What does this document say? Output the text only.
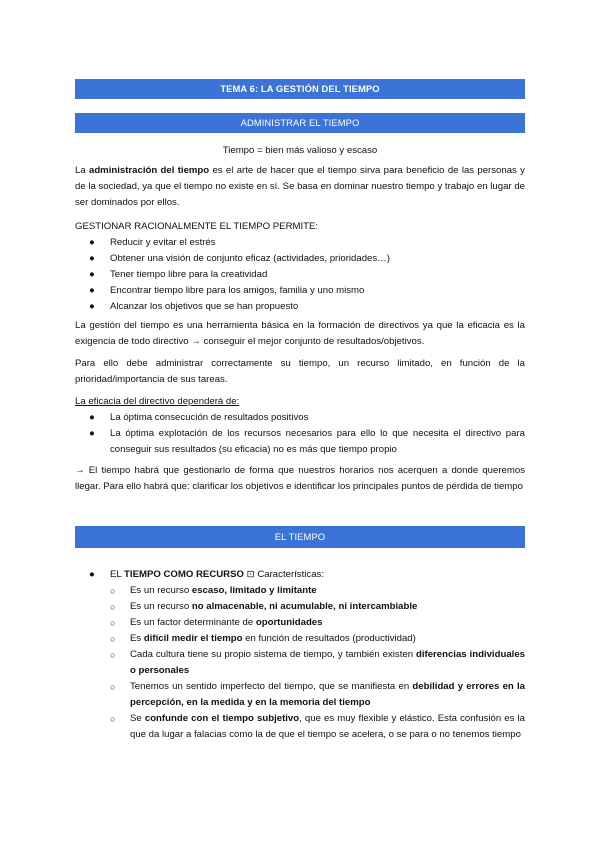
TEMA 6: LA GESTIÓN DEL TIEMPO
ADMINISTRAR EL TIEMPO
Tiempo = bien más valioso y escaso
La administración del tiempo es el arte de hacer que el tiempo sirva para beneficio de las personas y de la sociedad, ya que el tiempo no existe en sí. Se basa en dominar nuestro tiempo y trabajo en lugar de ser dominados por ellos.
GESTIONAR RACIONALMENTE EL TIEMPO PERMITE:
● Reducir y evitar el estrés
● Obtener una visión de conjunto eficaz (actividades, prioridades…)
● Tener tiempo libre para la creatividad
● Encontrar tiempo libre para los amigos, familia y uno mismo
● Alcanzar los objetivos que se han propuesto
La gestión del tiempo es una herramienta básica en la formación de directivos ya que la eficacia es la exigencia de todo directivo → conseguir el mejor conjunto de resultados/objetivos.
Para ello debe administrar correctamente su tiempo, un recurso limitado, en función de la prioridad/importancia de sus tareas.
La eficacia del directivo dependerá de:
● La óptima consecución de resultados positivos
● La óptima explotación de los recursos necesarios para ello lo que necesita el directivo para conseguir sus resultados (su eficacia) no es más que tiempo propio
→ El tiempo habrá que gestionarlo de forma que nuestros horarios nos acerquen a donde queremos llegar. Para ello habrá que: clarificar los objetivos e identificar los principales puntos de pérdida de tiempo
EL TIEMPO
● EL TIEMPO COMO RECURSO ⊡ Características:
○ Es un recurso escaso, limitado y limitante
○ Es un recurso no almacenable, ni acumulable, ni intercambiable
○ Es un factor determinante de oportunidades
○ Es difícil medir el tiempo en función de resultados (productividad)
○ Cada cultura tiene su propio sistema de tiempo, y también existen diferencias individuales o personales
○ Tenemos un sentido imperfecto del tiempo, que se manifiesta en debilidad y errores en la percepción, en la medida y en la memoria del tiempo
○ Se confunde con el tiempo subjetivo, que es muy flexible y elástico. Esta confusión es la que da lugar a falacias como la de que el tiempo se acelera, o se para o no tenemos tiempo
